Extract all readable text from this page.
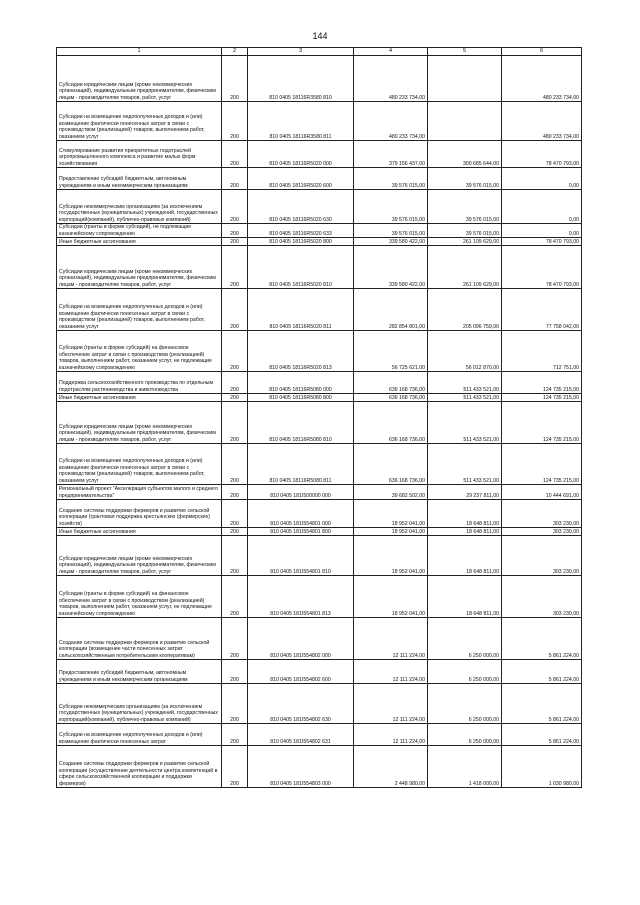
144
1	2	3	4	5	6
Субсидии юридическим лицам (кроме некоммерческих организаций), индивидуальным предпринимателям, физическим лицам - производителям товаров, работ, услуг	200	810 0405 18116R3580 810	480 233 734,00		480 233 734,00
Субсидии на возмещение недополученных доходов и (или) возмещение фактически понесенных затрат в связи с производством (реализацией) товаров, выполнением работ, оказанием услуг	200	810 0405 18116R3580 811	480 233 734,00		480 233 734,00
Стимулирование развития приоритетных подотраслей агропромышленного комплекса и развитие малых форм хозяйствования	200	810 0405 18116R5020 000	379 156 437,00	300 685 644,00	78 470 793,00
Предоставление субсидий бюджетным, автономным учреждениям и иным некоммерческим организациям	200	810 0405 18116R5020 600	39 576 015,00	39 576 015,00	0,00
Субсидии некоммерческим организациям (за исключением государственных (муниципальных) учреждений, государственных корпораций(компаний), публично-правовых компаний)	200	810 0405 18116R5020 630	39 576 015,00	39 576 015,00	0,00
Субсидии (гранты в форме субсидий), не подлежащие казначейскому сопровождению	200	810 0405 18116R5020 633	39 576 015,00	39 576 015,00	0,00
Иные бюджетные ассигнования	200	810 0405 18116R5020 800	339 580 422,00	261 109 629,00	78 470 793,00
Субсидии юридическим лицам (кроме некоммерческих организаций), индивидуальным предпринимателям, физическим лицам - производителям товаров, работ, услуг	200	810 0405 18116R5020 810	339 580 422,00	261 109 629,00	78 470 793,00
Субсидии на возмещение недополученных доходов и (или) возмещение фактически понесенных затрат в связи с производством (реализацией) товаров, выполнением работ, оказанием услуг	200	810 0405 18116R5020 811	282 854 801,00	205 096 759,00	77 758 042,00
Субсидии (гранты в форме субсидий) на финансовое обеспечение затрат в связи с производством (реализацией) товаров, выполнением работ, оказанием услуг, не подлежащие казначейскому сопровождению	200	810 0405 18116R5020 813	56 725 621,00	56 012 870,00	712 751,00
Поддержка сельскохозяйственного производства по отдельным подотраслям растениеводства и животноводства	200	810 0405 18116R5080 000	636 168 736,00	511 433 521,00	124 735 215,00
Иные бюджетные ассигнования	200	810 0405 18116R5080 800	636 168 736,00	511 433 521,00	124 735 215,00
Субсидии юридическим лицам (кроме некоммерческих организаций), индивидуальным предпринимателям, физическим лицам - производителям товаров, работ, услуг	200	810 0405 18116R5080 810	636 168 736,00	511 433 521,00	124 735 215,00
Субсидии на возмещение недополученных доходов и (или) возмещение фактически понесенных затрат в связи с производством (реализацией) товаров, выполнением работ, оказанием услуг	200	810 0405 18116R5080 811	636 168 736,00	511 433 521,00	124 735 215,00
Региональный проект "Акселерация субъектов малого и среднего предпринимательства"	200	810 0405 181I500000 000	39 682 502,00	29 237 811,00	10 444 691,00
Создание системы поддержки фермеров и развитие сельской кооперации (грантовая поддержка крестьянских (фермерских) хозяйств)	200	810 0405 181I554801 000	18 952 041,00	18 648 811,00	303 230,00
Иные бюджетные ассигнования	200	810 0405 181I554801 800	18 952 041,00	18 648 811,00	303 230,00
Субсидии юридическим лицам (кроме некоммерческих организаций), индивидуальным предпринимателям, физическим лицам - производителям товаров, работ, услуг	200	810 0405 181I554801 810	18 952 041,00	18 648 811,00	303 230,00
Субсидии (гранты в форме субсидий) на финансовое обеспечение затрат в связи с производством (реализацией) товаров, выполнением работ, оказанием услуг, не подлежащие казначейскому сопровождению	200	810 0405 181I554801 813	18 952 041,00	18 648 811,00	303 230,00
Создание системы поддержки фермеров и развитие сельской кооперации (возмещение части понесенных затрат сельскохозяйственным потребительским кооперативам)	200	810 0405 181I554802 000	12 111 224,00	6 250 000,00	5 861 224,00
Предоставление субсидий бюджетным, автономным учреждениям и иным некоммерческим организациям	200	810 0405 181I554802 600	12 111 224,00	6 250 000,00	5 861 224,00
Субсидии некоммерческим организациям (за исключением государственных (муниципальных) учреждений, государственных корпораций(компаний), публично-правовых компаний)	200	810 0405 181I554802 630	12 111 224,00	6 250 000,00	5 861 224,00
Субсидии на возмещение недополученных доходов и (или) возмещение фактически понесенных затрат	200	810 0405 181I554802 631	12 111 224,00	6 250 000,00	5 861 224,00
Создание системы поддержки фермеров и развитие сельской кооперации (осуществление деятельности центра компетенций в сфере сельскохозяйственной кооперации и поддержки фермеров)	200	810 0405 181I554803 000	2 448 980,00	1 418 000,00	1 030 980,00
